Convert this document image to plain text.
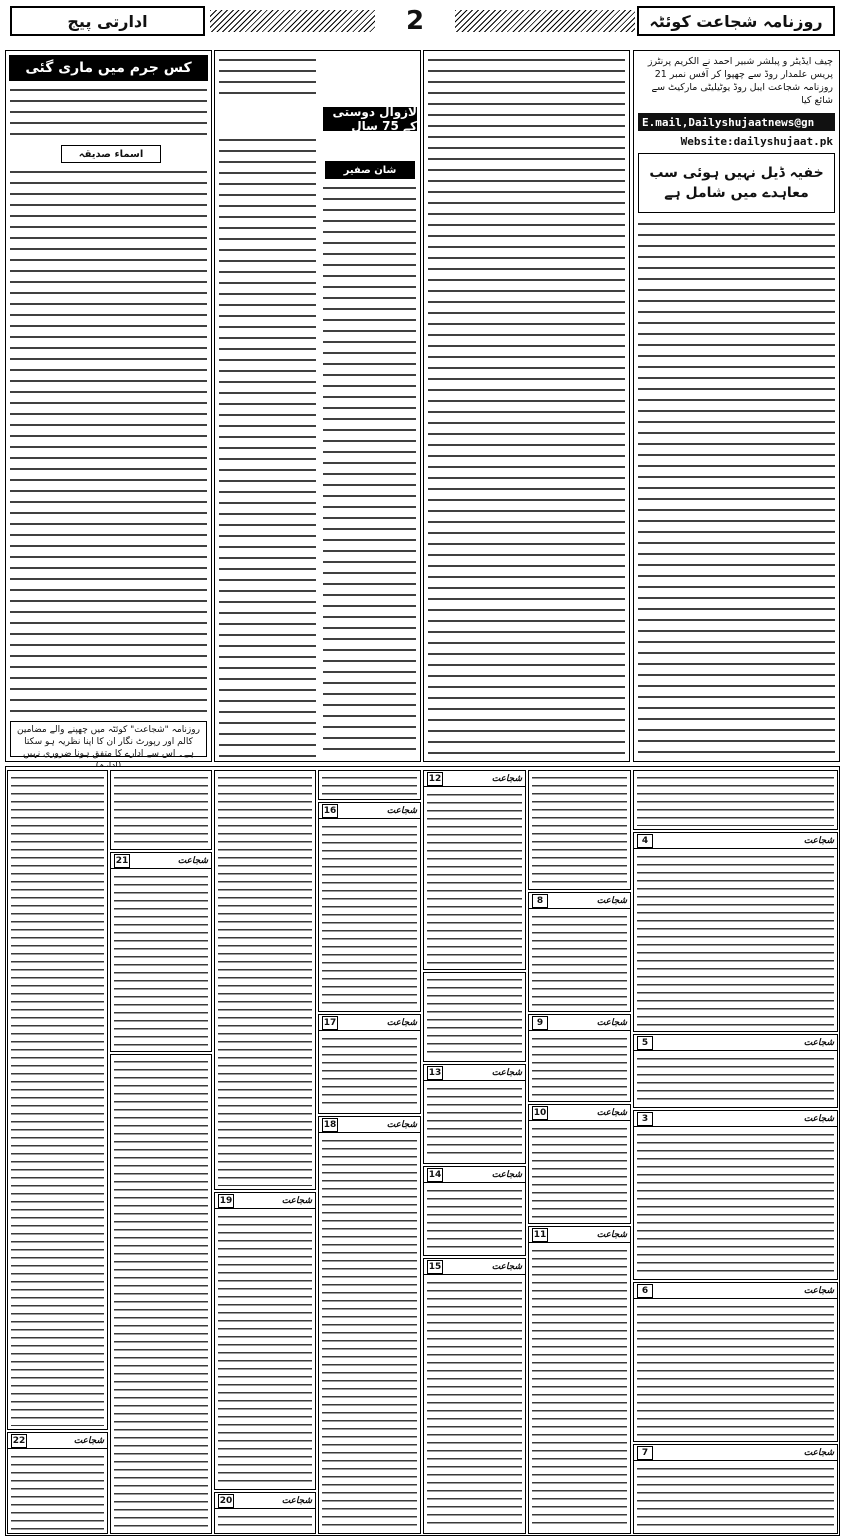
روزنامہ شجاعت کوئٹہ
2
ادارتی پیج
چیف ایڈیٹر و پبلشر شبیر احمد نے الکریم پرنٹرز پریس علمدار روڈ سے چھپوا کر آفس نمبر 21 روزنامہ شجاعت ایبل روڈ یوٹیلیٹی مارکیٹ سے شائع کیا
E.mail,Dailyshujaatnews@gn
Website:dailyshujaat.pk
خفیہ ڈیل نہیں ہوئی سب معاہدے میں شامل ہے
لازوال دوستی کے 75 سال
شان صفیر
کس جرم میں ماری گئی
اسماء صدیقہ
روزنامہ "شجاعت" کوئٹہ میں چھپنے والے مضامین کالم اور رپورٹ نگار ان کا اپنا نظریہ ہو سکتا ہے۔ اس سے ادارے کا متفق ہونا ضروری نہیں
شجاعت
4
شجاعت
5
شجاعت
3
شجاعت
6
شجاعت
7
شجاعت
8
شجاعت
9
شجاعت
10
شجاعت
11
شجاعت
12
شجاعت
13
شجاعت
14
شجاعت
15
شجاعت
16
شجاعت
17
شجاعت
18
شجاعت
19
شجاعت
20
شجاعت
21
شجاعت
22
